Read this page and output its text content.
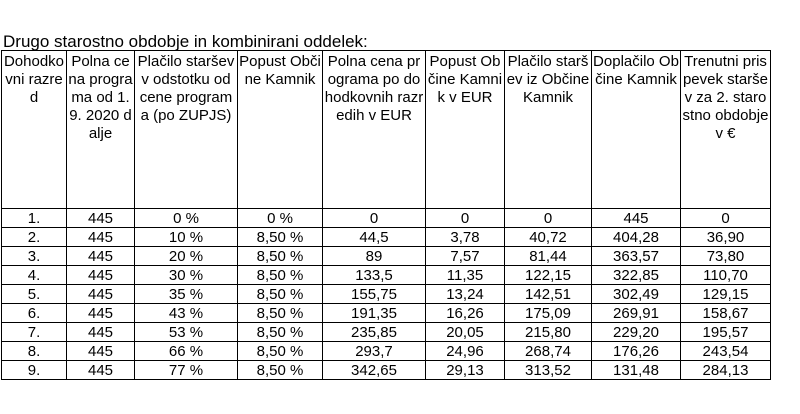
Drugo starostno obdobje in kombinirani oddelek:
Dohodkovni razred	Polna cena programa od 1. 9. 2020 dalje	Plačilo staršev v odstotku od cene programa (po ZUPJS)	Popust Občine Kamnik	Polna cena programa po dohodkovnih razredih v EUR	Popust Občine Kamnik v EUR	Plačilo staršev iz Občine Kamnik	Doplačilo Občine Kamnik	Trenutni prispevek staršev za 2. starostno obdobje v €

1.	445	0 %	0 %	0	0	0	445	0
2.	445	10 %	8,50 %	44,5	3,78	40,72	404,28	36,90
3.	445	20 %	8,50 %	89	7,57	81,44	363,57	73,80
4.	445	30 %	8,50 %	133,5	11,35	122,15	322,85	110,70
5.	445	35 %	8,50 %	155,75	13,24	142,51	302,49	129,15
6.	445	43 %	8,50 %	191,35	16,26	175,09	269,91	158,67
7.	445	53 %	8,50 %	235,85	20,05	215,80	229,20	195,57
8.	445	66 %	8,50 %	293,7	24,96	268,74	176,26	243,54
9.	445	77 %	8,50 %	342,65	29,13	313,52	131,48	284,13
